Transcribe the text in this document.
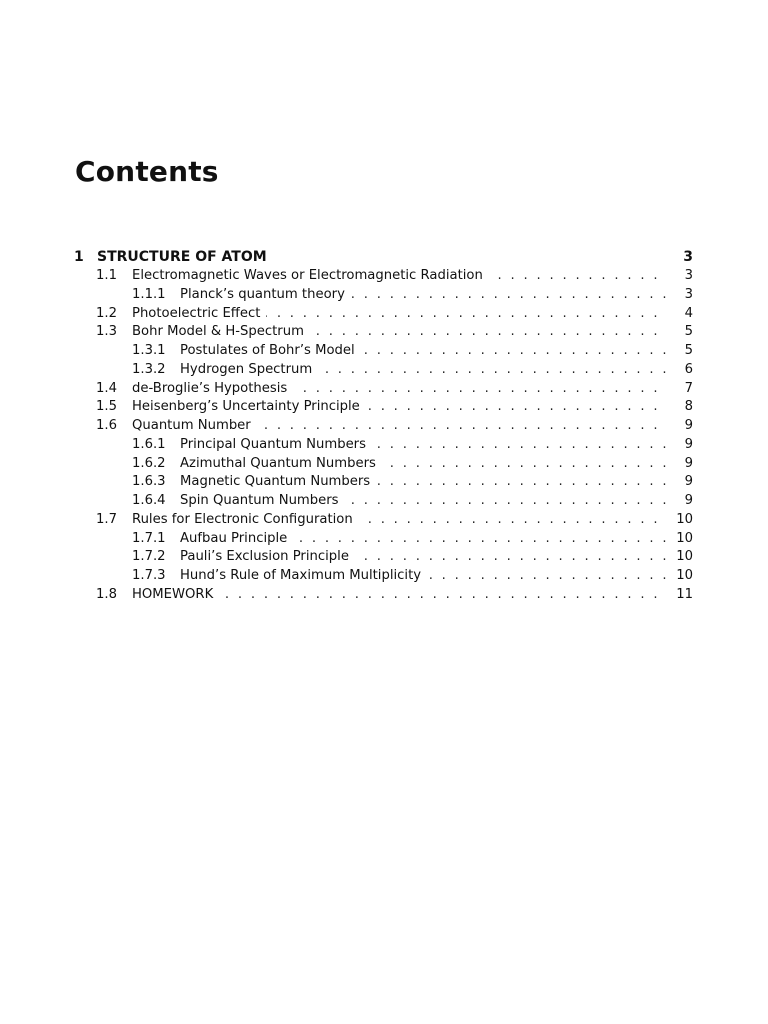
Contents
1 STRUCTURE OF ATOM	3
1.1 . . . Electromagnetic Waves or Electromagnetic Radiation	3
1.1.1 . . . Planck’s quantum theory	3
1.2 . . . Photoelectric Effect	4
1.3 . . . Bohr Model & H-Spectrum	5
1.3.1 . . . Postulates of Bohr’s Model	5
1.3.2 . . . Hydrogen Spectrum	6
1.4 . . . de-Broglie’s Hypothesis	7
1.5 . . . Heisenberg’s Uncertainty Principle	8
1.6 . . . Quantum Number	9
1.6.1 . . . Principal Quantum Numbers	9
1.6.2 . . . Azimuthal Quantum Numbers	9
1.6.3 . . . Magnetic Quantum Numbers	9
1.6.4 . . . Spin Quantum Numbers	9
1.7 . . . Rules for Electronic Configuration	10
1.7.1 . . . Aufbau Principle	10
1.7.2 . . . Pauli’s Exclusion Principle	10
1.7.3 . . . Hund’s Rule of Maximum Multiplicity	10
1.8 . . . HOMEWORK	11
